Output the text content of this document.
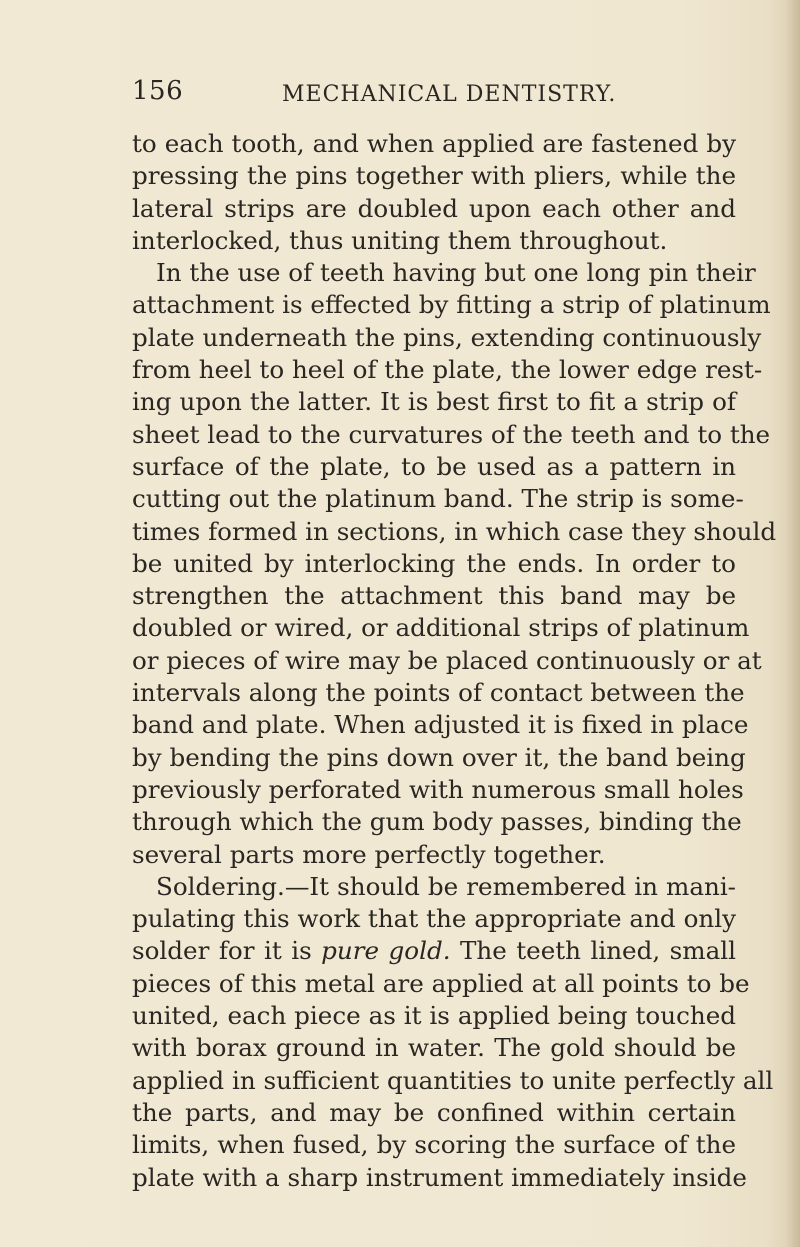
156	MECHANICAL DENTISTRY.
to each tooth, and when applied are fastened by
pressing the pins together with pliers, while the
lateral strips are doubled upon each other and
interlocked, thus uniting them throughout.
In the use of teeth having but one long pin their
attachment is effected by fitting a strip of platinum
plate underneath the pins, extending continuously
from heel to heel of the plate, the lower edge rest-
ing upon the latter. It is best first to fit a strip of
sheet lead to the curvatures of the teeth and to the
surface of the plate, to be used as a pattern in
cutting out the platinum band. The strip is some-
times formed in sections, in which case they should
be united by interlocking the ends. In order to
strengthen the attachment this band may be
doubled or wired, or additional strips of platinum
or pieces of wire may be placed continuously or at
intervals along the points of contact between the
band and plate. When adjusted it is fixed in place
by bending the pins down over it, the band being
previously perforated with numerous small holes
through which the gum body passes, binding the
several parts more perfectly together.
Soldering.—It should be remembered in mani-
pulating this work that the appropriate and only
solder for it is pure gold. The teeth lined, small
pieces of this metal are applied at all points to be
united, each piece as it is applied being touched
with borax ground in water. The gold should be
applied in sufficient quantities to unite perfectly all
the parts, and may be confined within certain
limits, when fused, by scoring the surface of the
plate with a sharp instrument immediately inside
